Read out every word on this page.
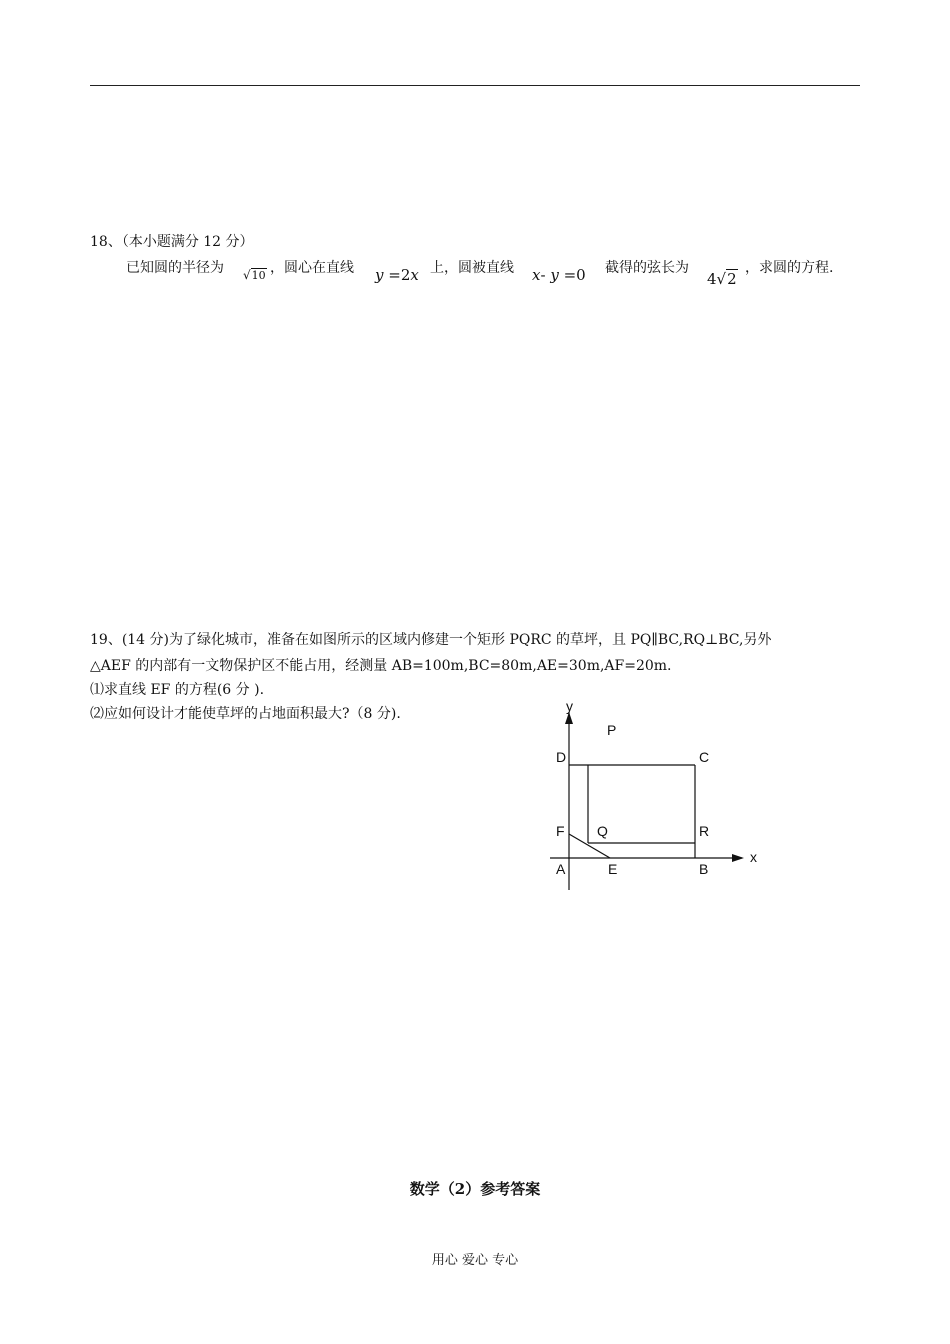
18、（本小题满分 12 分）
已知圆的半径为 √10 ，圆心在直线 y =2x 上，圆被直线 x- y =0 截得的弦长为
4√2
，求圆的方程.
19、(14 分)为了绿化城市，准备在如图所示的区域内修建一个矩形 PQRC 的草坪，且 PQ∥BC,RQ⊥BC,另外
△AEF 的内部有一文物保护区不能占用，经测量 AB=100m,BC=80m,AE=30m,AF=20m.
⑴求直线 EF 的方程(6 分 ).
⑵应如何设计才能使草坪的占地面积最大?（8 分).	y
x
P
D	C
F Q	R
A	E	B
数学（2）参考答案
用心 爱心 专心
